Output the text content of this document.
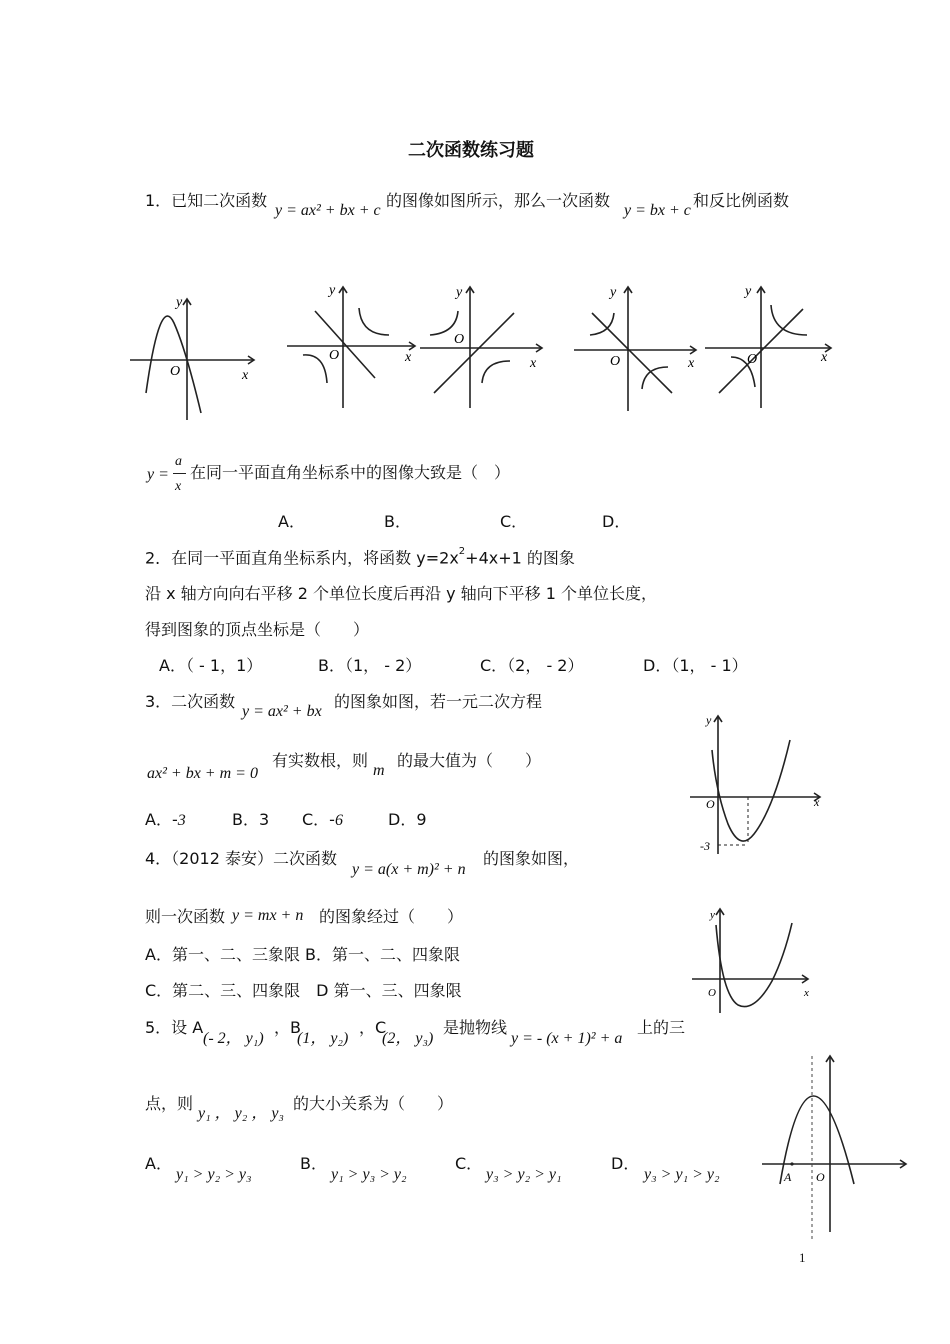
二次函数练习题
1．已知二次函数
y = ax² + bx + c
的图像如图所示，那么一次函数
y = bx + c
和反比例函数
y
x
O
y
x
O
y
x
O
y
x
O
y
x
O
y =
a
x
在同一平面直角坐标系中的图像大致是（　）
A．	B．	C．	D．
2．在同一平面直角坐标系内，将函数 $y=2x^2+4x+1$ 的图象
沿 x 轴方向向右平移 2 个单位长度后再沿 y 轴向下平移 1 个单位长度，
得到图象的顶点坐标是（　　）
A．（ - 1，1）	B．（1， - 2）	C．（2， - 2）	D．（1， - 1）
3．二次函数
y = ax² + bx
的图象如图，若一元二次方程
ax² + bx + m = 0
有实数根，则
m
的最大值为（　　）
A．-3	B．3 C．-6	D．9
y
x
O
-3
4．（2012 泰安）二次函数
y = a(x + m)² + n
的图象如图，
则一次函数 y = mx + n 的图象经过（　　）
A．第一、二、三象限 B．第一、二、四象限
C．第二、三、四象限　D 第一、三、四象限
y
x
O
5．设 A
(- 2， y₁)
，B
(1， y₂)
，C
(2， y₃)
是抛物线
y = - (x + 1)² + a
上的三
点，则
y₁ ， y₂ ， y₃
的大小关系为（　　）
A．
y₁ > y₂ > y₃
B．
y₁ > y₃ > y₂
C．
y₃ > y₂ > y₁
D．
y₃ > y₁ > y₂	A O
1
